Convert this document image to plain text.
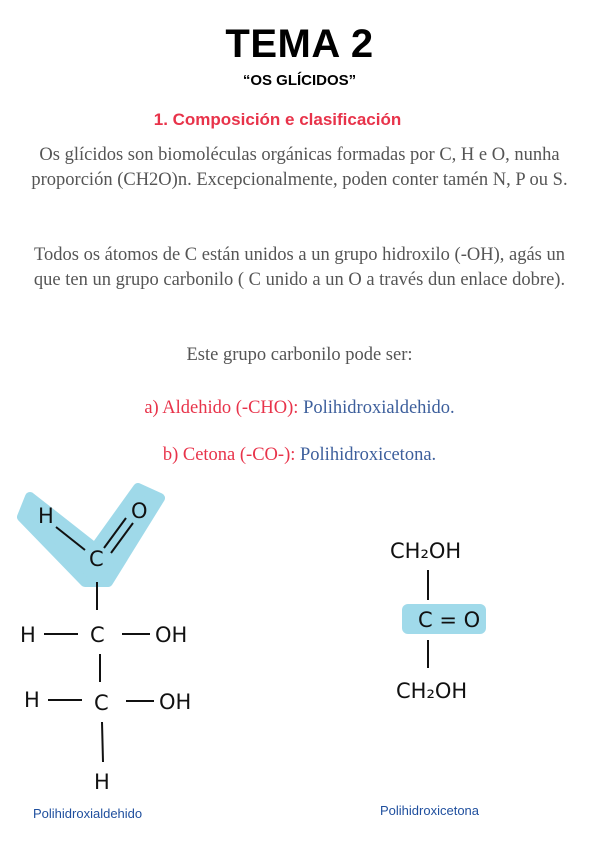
TEMA 2
“OS GLÍCIDOS”
1. Composición e clasificación
Os glícidos son biomoléculas orgánicas formadas por C, H e O, nunha proporción (CH2O)n. Excepcionalmente, poden conter tamén N, P ou S.
Todos os átomos de C están unidos a un grupo hidroxilo (-OH), agás un que ten un grupo carbonilo ( C unido a un O a través dun enlace dobre).
Este grupo carbonilo pode ser:
a) Aldehido (-CHO): Polihidroxialdehido.
b) Cetona (-CO-): Polihidroxicetona.
H	O
C
H	C OH
H	C OH
H
CH₂OH
C = O
CH₂OH
Polihidroxialdehido	Polihidroxicetona
